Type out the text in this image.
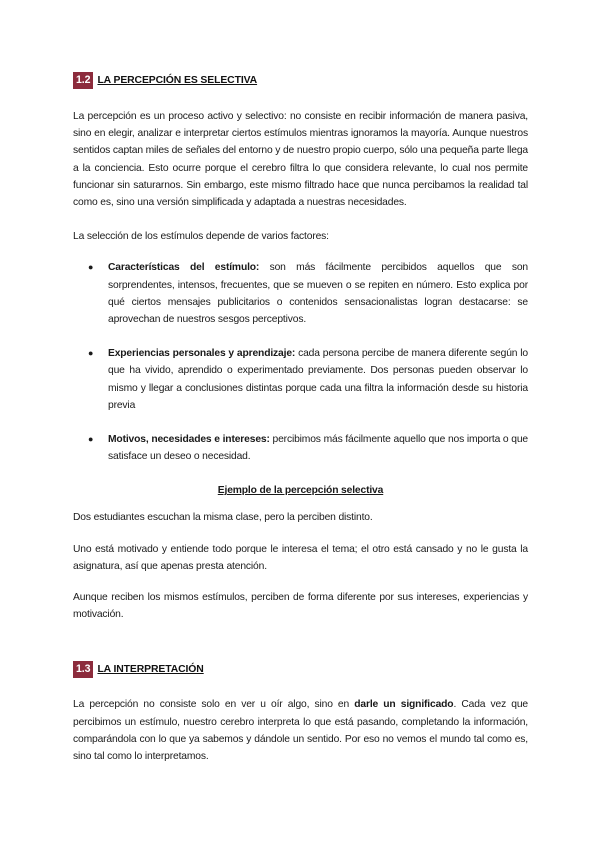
1.2 LA PERCEPCIÓN ES SELECTIVA

La percepción es un proceso activo y selectivo: no consiste en recibir información de manera pasiva, sino en elegir, analizar e interpretar ciertos estímulos mientras ignoramos la mayoría. Aunque nuestros sentidos captan miles de señales del entorno y de nuestro propio cuerpo, sólo una pequeña parte llega a la conciencia. Esto ocurre porque el cerebro filtra lo que considera relevante, lo cual nos permite funcionar sin saturarnos. Sin embargo, este mismo filtrado hace que nunca percibamos la realidad tal como es, sino una versión simplificada y adaptada a nuestras necesidades.

La selección de los estímulos depende de varios factores:

● Características del estímulo: son más fácilmente percibidos aquellos que son sorprendentes, intensos, frecuentes, que se mueven o se repiten en número. Esto explica por qué ciertos mensajes publicitarios o contenidos sensacionalistas logran destacarse: se aprovechan de nuestros sesgos perceptivos.

● Experiencias personales y aprendizaje: cada persona percibe de manera diferente según lo que ha vivido, aprendido o experimentado previamente. Dos personas pueden observar lo mismo y llegar a conclusiones distintas porque cada una filtra la información desde su historia previa

● Motivos, necesidades e intereses: percibimos más fácilmente aquello que nos importa o que satisface un deseo o necesidad.

Ejemplo de la percepción selectiva

Dos estudiantes escuchan la misma clase, pero la perciben distinto.

Uno está motivado y entiende todo porque le interesa el tema; el otro está cansado y no le gusta la asignatura, así que apenas presta atención.

Aunque reciben los mismos estímulos, perciben de forma diferente por sus intereses, experiencias y motivación.

1.3 LA INTERPRETACIÓN

La percepción no consiste solo en ver u oír algo, sino en darle un significado. Cada vez que percibimos un estímulo, nuestro cerebro interpreta lo que está pasando, completando la información, comparándola con lo que ya sabemos y dándole un sentido. Por eso no vemos el mundo tal como es, sino tal como lo interpretamos.
